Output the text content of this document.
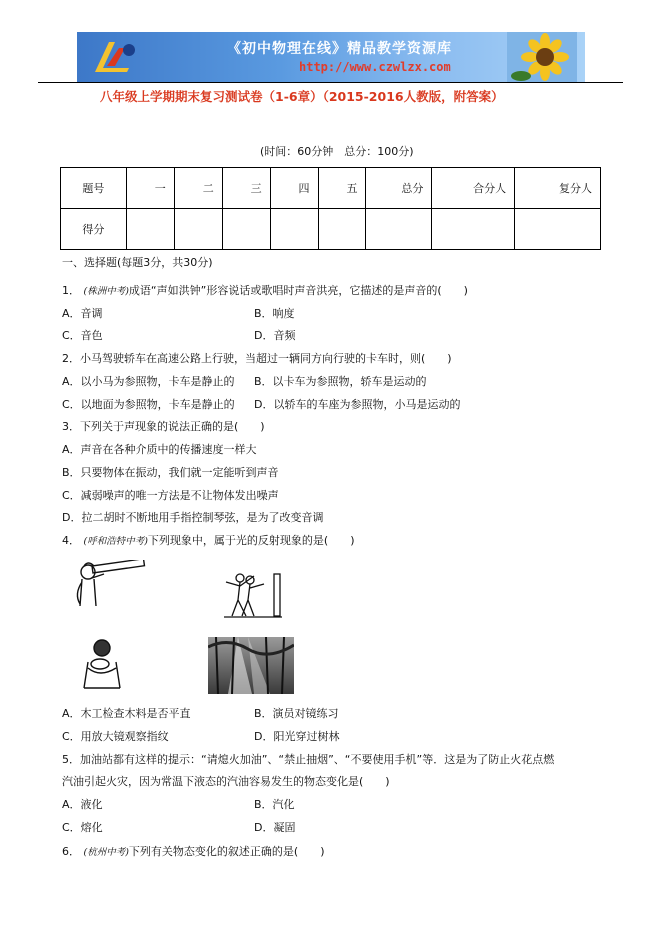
《初中物理在线》精品教学资源库
http://www.czwlzx.com
八年级上学期期末复习测试卷（1-6章）（2015-2016人教版，附答案）
(时间：60分钟　总分：100分)
题号	一	二	三	四	五	总分	合分人	复分人
得分								
一、选择题(每题3分，共30分)
1． (株洲中考)成语“声如洪钟”形容说话或歌唱时声音洪亮，它描述的是声音的(　　)
A．音调	B．响度
C．音色	D．音频
2．小马驾驶轿车在高速公路上行驶，当超过一辆同方向行驶的卡车时，则(　　)
A．以小马为参照物，卡车是静止的 B．以卡车为参照物，轿车是运动的
C．以地面为参照物，卡车是静止的 D．以轿车的车座为参照物，小马是运动的
3．下列关于声现象的说法正确的是(　　)
A．声音在各种介质中的传播速度一样大
B．只要物体在振动，我们就一定能听到声音
C．减弱噪声的唯一方法是不让物体发出噪声
D．拉二胡时不断地用手指控制琴弦，是为了改变音调
4． (呼和浩特中考)下列现象中，属于光的反射现象的是(　　)
A．木工检查木料是否平直	B．演员对镜练习
C．用放大镜观察指纹	D．阳光穿过树林
5．加油站都有这样的提示：“请熄火加油”、“禁止抽烟”、“不要使用手机”等．这是为了防止火花点燃
汽油引起火灾，因为常温下液态的汽油容易发生的物态变化是(　　)
A．液化	B．汽化
C．熔化	D．凝固
6． (杭州中考)下列有关物态变化的叙述正确的是(　　)
